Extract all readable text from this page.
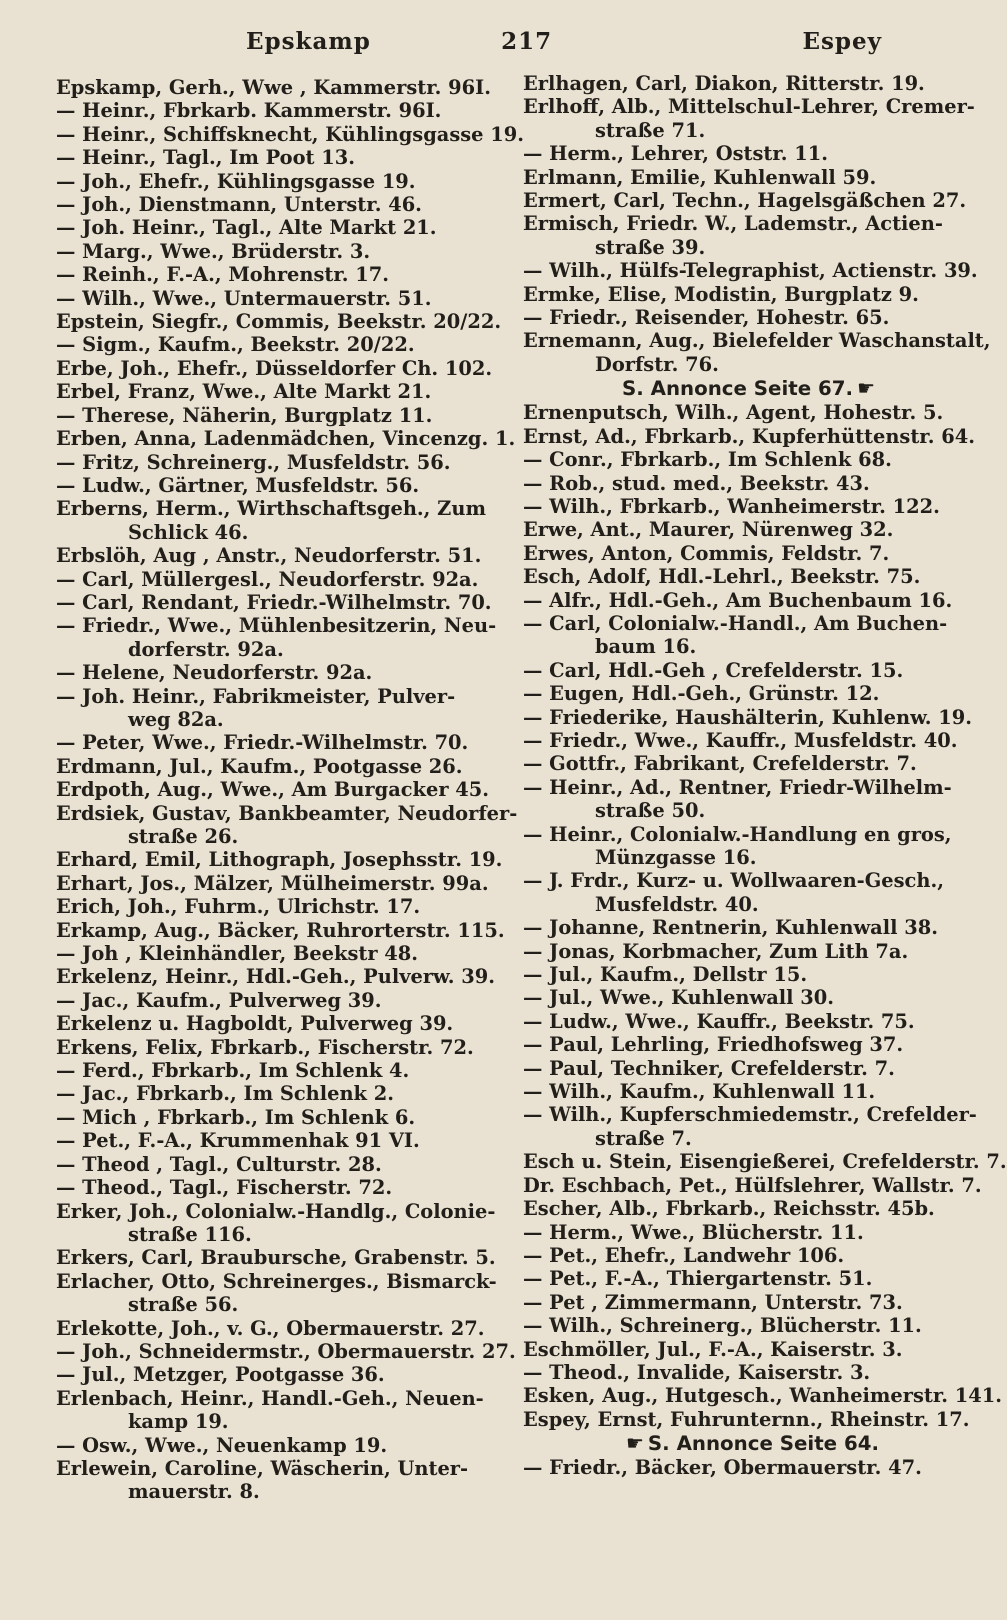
Epskamp	217	Espey
Epskamp, Gerh., Wwe , Kammerstr. 96I.
— Heinr., Fbrkarb. Kammerstr. 96I.
— Heinr., Schiffsknecht, Kühlingsgasse 19.
— Heinr., Tagl., Im Poot 13.
— Joh., Ehefr., Kühlingsgasse 19.
— Joh., Dienstmann, Unterstr. 46.
— Joh. Heinr., Tagl., Alte Markt 21.
— Marg., Wwe., Brüderstr. 3.
— Reinh., F.-A., Mohrenstr. 17.
— Wilh., Wwe., Untermauerstr. 51.
Epstein, Siegfr., Commis, Beekstr. 20/22.
— Sigm., Kaufm., Beekstr. 20/22.
Erbe, Joh., Ehefr., Düsseldorfer Ch. 102.
Erbel, Franz, Wwe., Alte Markt 21.
— Therese, Näherin, Burgplatz 11.
Erben, Anna, Ladenmädchen, Vincenzg. 1.
— Fritz, Schreinerg., Musfeldstr. 56.
— Ludw., Gärtner, Musfeldstr. 56.
Erberns, Herm., Wirthschaftsgeh., Zum
Schlick 46.
Erbslöh, Aug , Anstr., Neudorferstr. 51.
— Carl, Müllergesl., Neudorferstr. 92a.
— Carl, Rendant, Friedr.-Wilhelmstr. 70.
— Friedr., Wwe., Mühlenbesitzerin, Neu-
dorferstr. 92a.
— Helene, Neudorferstr. 92a.
— Joh. Heinr., Fabrikmeister, Pulver-
weg 82a.
— Peter, Wwe., Friedr.-Wilhelmstr. 70.
Erdmann, Jul., Kaufm., Pootgasse 26.
Erdpoth, Aug., Wwe., Am Burgacker 45.
Erdsiek, Gustav, Bankbeamter, Neudorfer-
straße 26.
Erhard, Emil, Lithograph, Josephsstr. 19.
Erhart, Jos., Mälzer, Mülheimerstr. 99a.
Erich, Joh., Fuhrm., Ulrichstr. 17.
Erkamp, Aug., Bäcker, Ruhrorterstr. 115.
— Joh , Kleinhändler, Beekstr 48.
Erkelenz, Heinr., Hdl.-Geh., Pulverw. 39.
— Jac., Kaufm., Pulverweg 39.
Erkelenz u. Hagboldt, Pulverweg 39.
Erkens, Felix, Fbrkarb., Fischerstr. 72.
— Ferd., Fbrkarb., Im Schlenk 4.
— Jac., Fbrkarb., Im Schlenk 2.
— Mich , Fbrkarb., Im Schlenk 6.
— Pet., F.-A., Krummenhak 91 VI.
— Theod , Tagl., Culturstr. 28.
— Theod., Tagl., Fischerstr. 72.
Erker, Joh., Colonialw.-Handlg., Colonie-
straße 116.
Erkers, Carl, Braubursche, Grabenstr. 5.
Erlacher, Otto, Schreinerges., Bismarck-
straße 56.
Erlekotte, Joh., v. G., Obermauerstr. 27.
— Joh., Schneidermstr., Obermauerstr. 27.
— Jul., Metzger, Pootgasse 36.
Erlenbach, Heinr., Handl.-Geh., Neuen-
kamp 19.
— Osw., Wwe., Neuenkamp 19.
Erlewein, Caroline, Wäscherin, Unter-
mauerstr. 8.
Erlhagen, Carl, Diakon, Ritterstr. 19.
Erlhoff, Alb., Mittelschul-Lehrer, Cremer-
straße 71.
— Herm., Lehrer, Oststr. 11.
Erlmann, Emilie, Kuhlenwall 59.
Ermert, Carl, Techn., Hagelsgäßchen 27.
Ermisch, Friedr. W., Lademstr., Actien-
straße 39.
— Wilh., Hülfs-Telegraphist, Actienstr. 39.
Ermke, Elise, Modistin, Burgplatz 9.
— Friedr., Reisender, Hohestr. 65.
Ernemann, Aug., Bielefelder Waschanstalt,
Dorfstr. 76.
S. Annonce Seite 67. ☛
Ernenputsch, Wilh., Agent, Hohestr. 5.
Ernst, Ad., Fbrkarb., Kupferhüttenstr. 64.
— Conr., Fbrkarb., Im Schlenk 68.
— Rob., stud. med., Beekstr. 43.
— Wilh., Fbrkarb., Wanheimerstr. 122.
Erwe, Ant., Maurer, Nürenweg 32.
Erwes, Anton, Commis, Feldstr. 7.
Esch, Adolf, Hdl.-Lehrl., Beekstr. 75.
— Alfr., Hdl.-Geh., Am Buchenbaum 16.
— Carl, Colonialw.-Handl., Am Buchen-
baum 16.
— Carl, Hdl.-Geh , Crefelderstr. 15.
— Eugen, Hdl.-Geh., Grünstr. 12.
— Friederike, Haushälterin, Kuhlenw. 19.
— Friedr., Wwe., Kauffr., Musfeldstr. 40.
— Gottfr., Fabrikant, Crefelderstr. 7.
— Heinr., Ad., Rentner, Friedr-Wilhelm-
straße 50.
— Heinr., Colonialw.-Handlung en gros,
Münzgasse 16.
— J. Frdr., Kurz- u. Wollwaaren-Gesch.,
Musfeldstr. 40.
— Johanne, Rentnerin, Kuhlenwall 38.
— Jonas, Korbmacher, Zum Lith 7a.
— Jul., Kaufm., Dellstr 15.
— Jul., Wwe., Kuhlenwall 30.
— Ludw., Wwe., Kauffr., Beekstr. 75.
— Paul, Lehrling, Friedhofsweg 37.
— Paul, Techniker, Crefelderstr. 7.
— Wilh., Kaufm., Kuhlenwall 11.
— Wilh., Kupferschmiedemstr., Crefelder-
straße 7.
Esch u. Stein, Eisengießerei, Crefelderstr. 7.
Dr. Eschbach, Pet., Hülfslehrer, Wallstr. 7.
Escher, Alb., Fbrkarb., Reichsstr. 45b.
— Herm., Wwe., Blücherstr. 11.
— Pet., Ehefr., Landwehr 106.
— Pet., F.-A., Thiergartenstr. 51.
— Pet , Zimmermann, Unterstr. 73.
— Wilh., Schreinerg., Blücherstr. 11.
Eschmöller, Jul., F.-A., Kaiserstr. 3.
— Theod., Invalide, Kaiserstr. 3.
Esken, Aug., Hutgesch., Wanheimerstr. 141.
Espey, Ernst, Fuhrunternn., Rheinstr. 17.
☛ S. Annonce Seite 64.
— Friedr., Bäcker, Obermauerstr. 47.
